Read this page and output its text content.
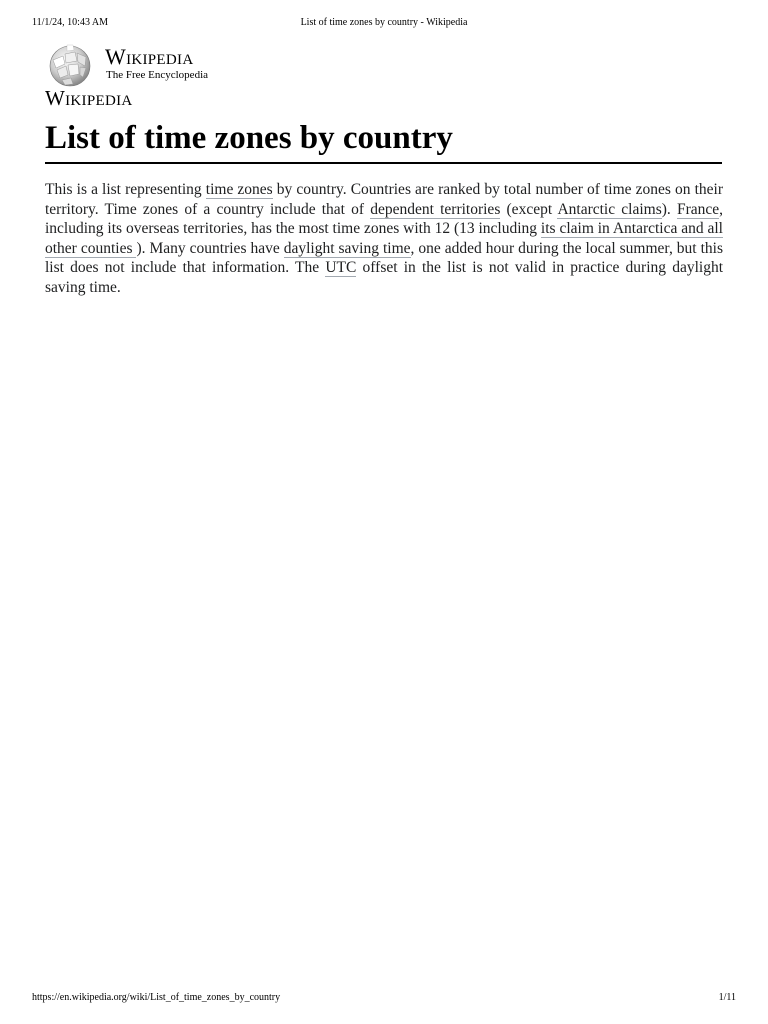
11/1/24, 10:43 AM	List of time zones by country - Wikipedia
Wikipedia
The Free Encyclopedia
Wikipedia
List of time zones by country

This is a list representing time zones by country. Countries are ranked by total number of time zones on their territory. Time zones of a country include that of dependent territories (except Antarctic claims). France, including its overseas territories, has the most time zones with 12 (13 including its claim in Antarctica and all other counties ). Many countries have daylight saving time, one added hour during the local summer, but this list does not include that information. The UTC offset in the list is not valid in practice during daylight saving time.

https://en.wikipedia.org/wiki/List_of_time_zones_by_country	1/11
